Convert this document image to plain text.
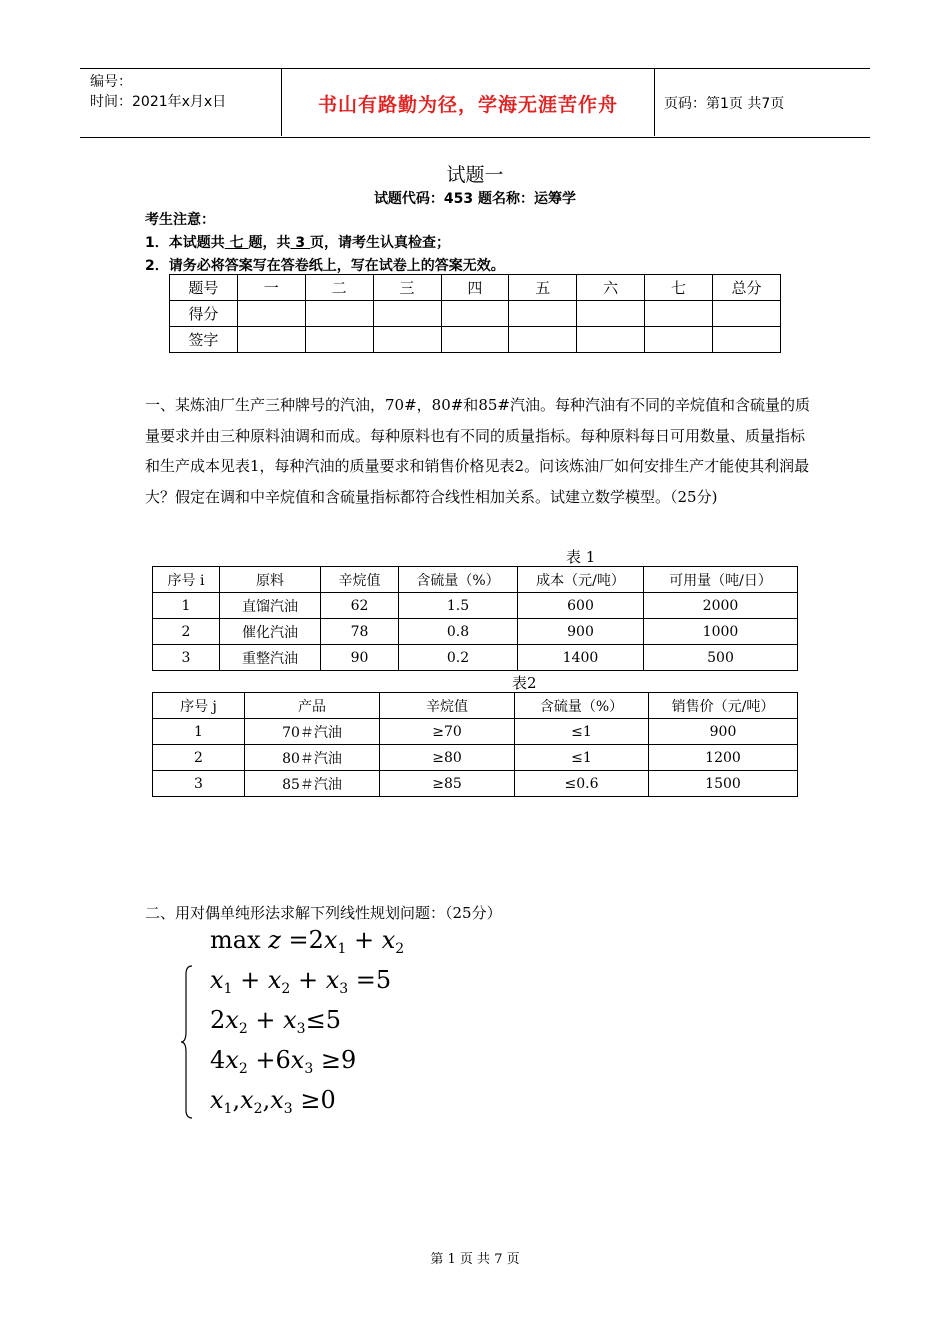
编号：
时间：2021年x月x日	书山有路勤为径，学海无涯苦作舟	页码：第1页 共7页
试题一
试题代码：453 题名称：运筹学
考生注意：
1．本试题共 七 题，共 3 页，请考生认真检查；
2．请务必将答案写在答卷纸上，写在试卷上的答案无效。
题号	一	二	三	四	五	六	七	总分
得分								
签字								
一、某炼油厂生产三种牌号的汽油，70#，80#和85#汽油。每种汽油有不同的辛烷值和含硫量的质量要求并由三种原料油调和而成。每种原料也有不同的质量指标。每种原料每日可用数量、质量指标和生产成本见表1，每种汽油的质量要求和销售价格见表2。问该炼油厂如何安排生产才能使其利润最大？假定在调和中辛烷值和含硫量指标都符合线性相加关系。试建立数学模型。（25分)
表 1
序号 i	原料	辛烷值	含硫量（%）	成本（元/吨）	可用量（吨/日）
1	直馏汽油	62	1.5	600	2000
2	催化汽油	78	0.8	900	1000
3	重整汽油	90	0.2	1400	500
表2
序号 j	产品	辛烷值	含硫量（%）	销售价（元/吨）
1	70＃汽油	≥70	≤1	900
2	80＃汽油	≥80	≤1	1200
3	85＃汽油	≥85	≤0.6	1500
二、用对偶单纯形法求解下列线性规划问题：（25分）
$\max z =2x_1 + x_2$
$x_1 + x_2 + x_3 =5$
$2x_2 + x_3\le 5$
$4x_2 +6x_3 \ge 9$
$x_1,x_2,x_3 \ge 0$
第 1 页 共 7 页
